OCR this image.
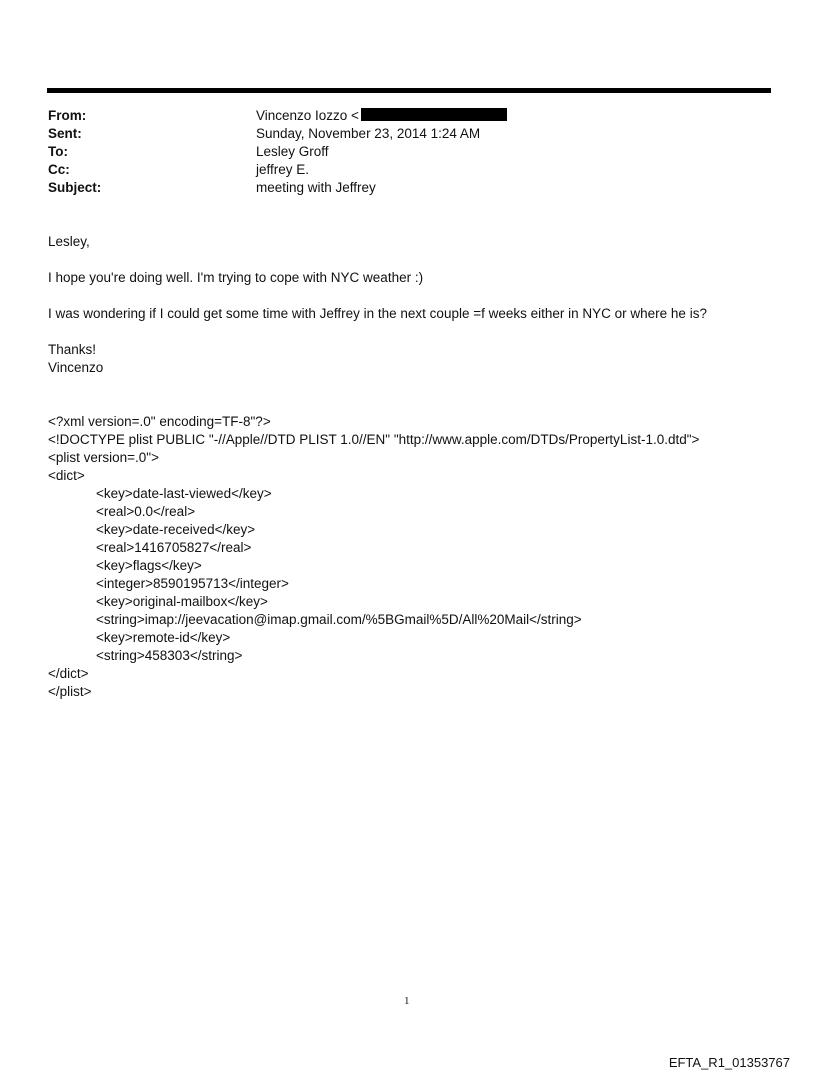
From:	Vincenzo Iozzo <
Sent:	Sunday, November 23, 2014 1:24 AM
To:	Lesley Groff
Cc:	jeffrey E.
Subject:	meeting with Jeffrey

Lesley,

I hope you're doing well. I'm trying to cope with NYC weather :)

I was wondering if I could get some time with Jeffrey in the next couple =f weeks either in NYC or where he is?

Thanks!

Vincenzo

<?xml version=.0" encoding=TF-8"?>

<!DOCTYPE plist PUBLIC "-//Apple//DTD PLIST 1.0//EN" "http://www.apple.com/DTDs/PropertyList-1.0.dtd">

<plist version=.0">

<dict>

<key>date-last-viewed</key>

<real>0.0</real>

<key>date-received</key>

<real>1416705827</real>

<key>flags</key>

<integer>8590195713</integer>

<key>original-mailbox</key>

<string>imap://jeevacation@imap.gmail.com/%5BGmail%5D/All%20Mail</string>

<key>remote-id</key>

<string>458303</string>

</dict>

</plist>

1
EFTA_R1_01353767
